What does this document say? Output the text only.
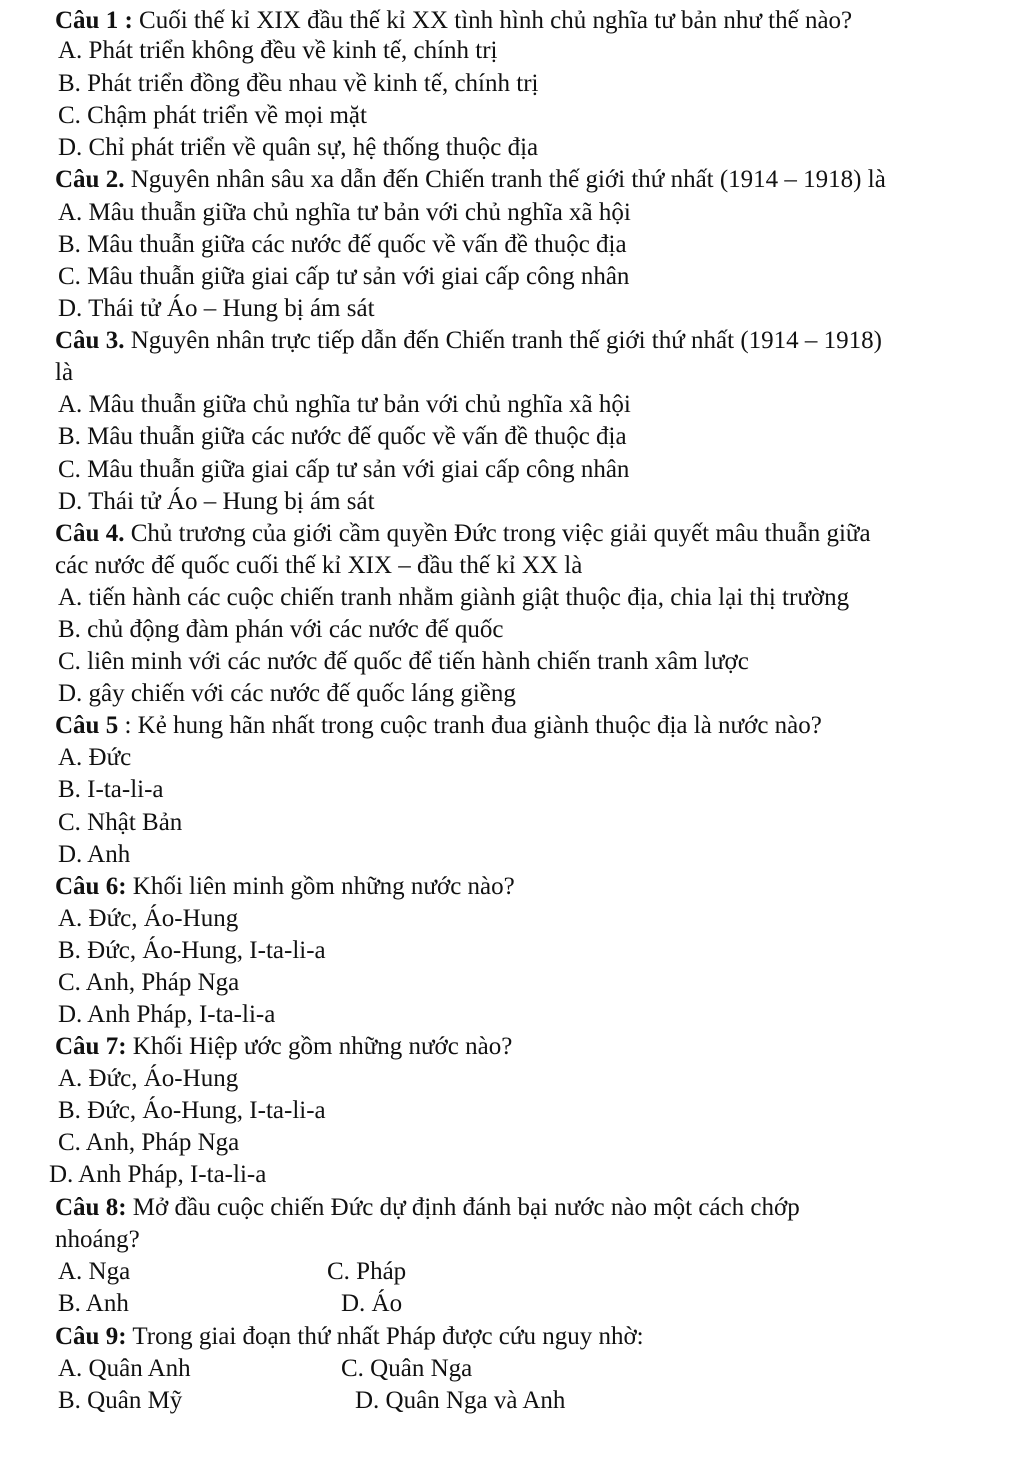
Câu 1 : Cuối thế kỉ XIX đầu thế kỉ XX tình hình chủ nghĩa tư bản như thế nào?
A. Phát triển không đều về kinh tế, chính trị
B. Phát triển đồng đều nhau về kinh tế, chính trị
C. Chậm phát triển về mọi mặt
D. Chỉ phát triển về quân sự, hệ thống thuộc địa
Câu 2. Nguyên nhân sâu xa dẫn đến Chiến tranh thế giới thứ nhất (1914 – 1918) là
A. Mâu thuẫn giữa chủ nghĩa tư bản với chủ nghĩa xã hội
B. Mâu thuẫn giữa các nước đế quốc về vấn đề thuộc địa
C. Mâu thuẫn giữa giai cấp tư sản với giai cấp công nhân
D. Thái tử Áo – Hung bị ám sát
Câu 3. Nguyên nhân trực tiếp dẫn đến Chiến tranh thế giới thứ nhất (1914 – 1918)
là
A. Mâu thuẫn giữa chủ nghĩa tư bản với chủ nghĩa xã hội
B. Mâu thuẫn giữa các nước đế quốc về vấn đề thuộc địa
C. Mâu thuẫn giữa giai cấp tư sản với giai cấp công nhân
D. Thái tử Áo – Hung bị ám sát
Câu 4. Chủ trương của giới cầm quyền Đức trong việc giải quyết mâu thuẫn giữa
các nước đế quốc cuối thế kỉ XIX – đầu thế kỉ XX là
A. tiến hành các cuộc chiến tranh nhằm giành giật thuộc địa, chia lại thị trường
B. chủ động đàm phán với các nước đế quốc
C. liên minh với các nước đế quốc để tiến hành chiến tranh xâm lược
D. gây chiến với các nước đế quốc láng giềng
Câu 5 : Kẻ hung hãn nhất trong cuộc tranh đua giành thuộc địa là nước nào?
A. Đức
B. I-ta-li-a
C. Nhật Bản
D. Anh
Câu 6: Khối liên minh gồm những nước nào?
A. Đức, Áo-Hung
B. Đức, Áo-Hung, I-ta-li-a
C. Anh, Pháp Nga
D. Anh Pháp, I-ta-li-a
Câu 7: Khối Hiệp ước gồm những nước nào?
A. Đức, Áo-Hung
B. Đức, Áo-Hung, I-ta-li-a
C. Anh, Pháp Nga
D. Anh Pháp, I-ta-li-a
Câu 8: Mở đầu cuộc chiến Đức dự định đánh bại nước nào một cách chớp
nhoáng?
A. Nga	C. Pháp
B. Anh	D. Áo
Câu 9: Trong giai đoạn thứ nhất Pháp được cứu nguy nhờ:
A. Quân Anh	C. Quân Nga
B. Quân Mỹ	D. Quân Nga và Anh
